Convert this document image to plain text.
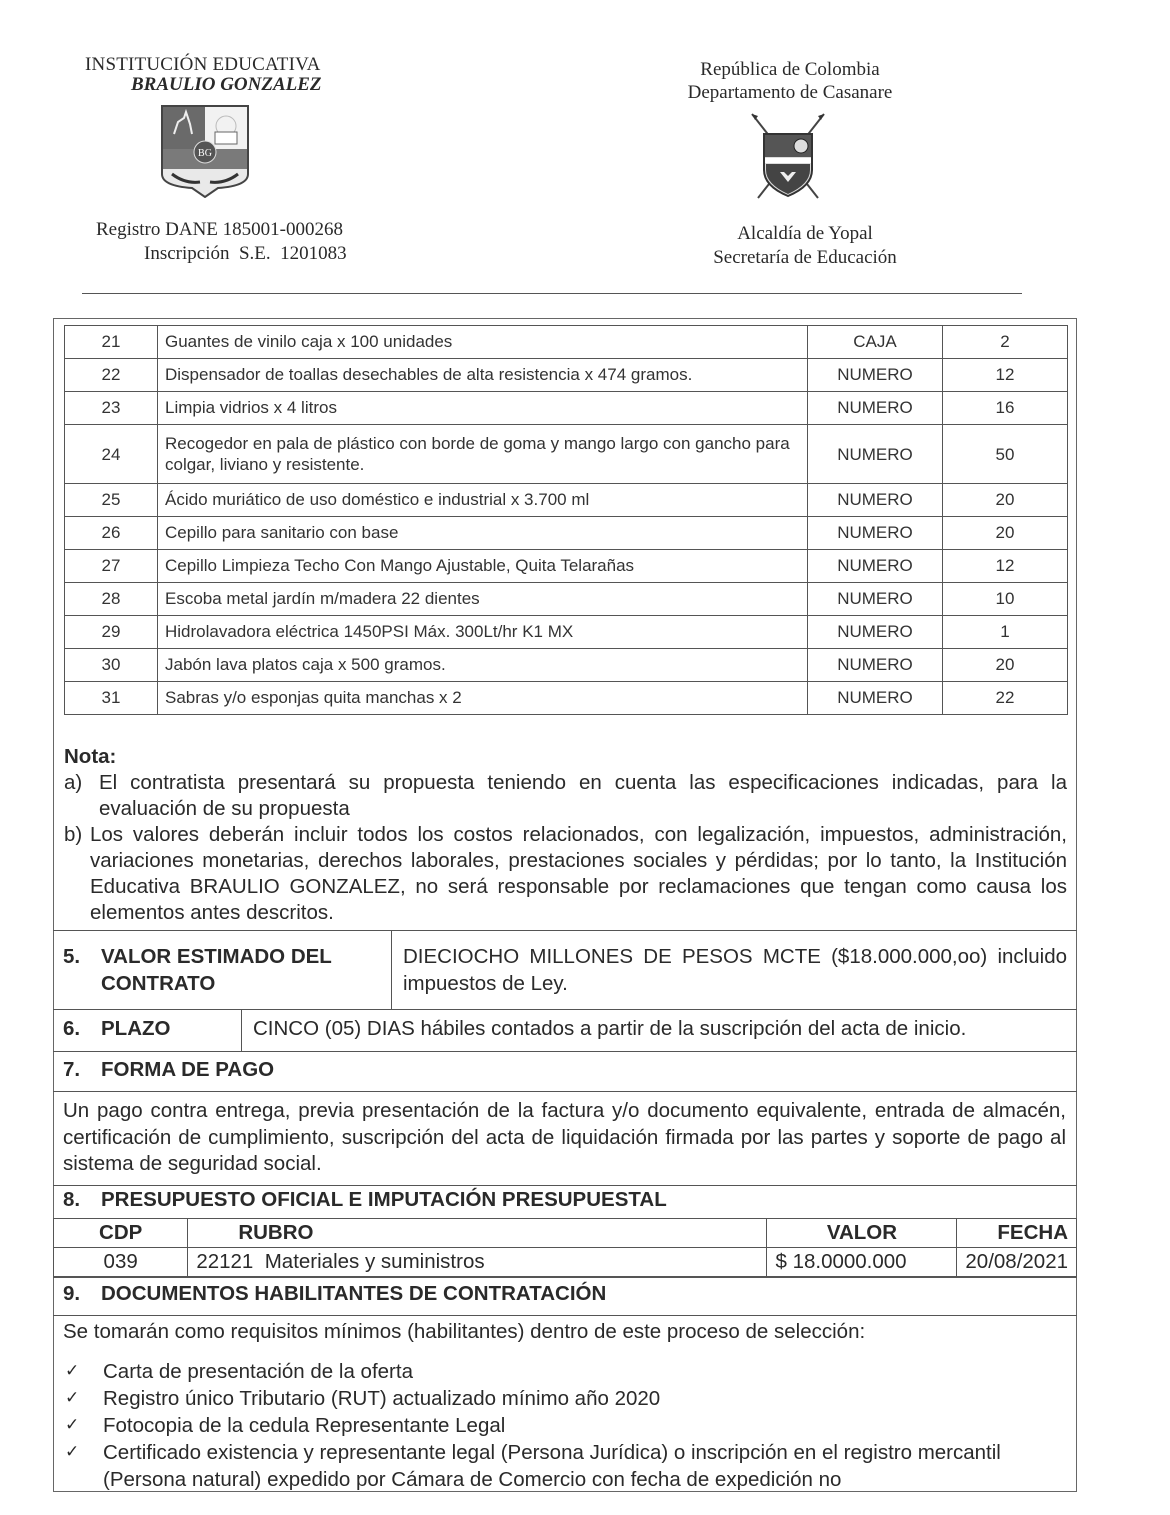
INSTITUCIÓN EDUCATIVA
BRAULIO GONZALEZ
BG
Registro DANE 185001-000268
Inscripción  S.E.  1201083
República de Colombia
Departamento de Casanare
Alcaldía de Yopal
Secretaría de Educación
21	Guantes de vinilo caja x 100 unidades	CAJA	2
22	Dispensador de toallas desechables de alta resistencia x 474 gramos.	NUMERO	12
23	Limpia vidrios x 4 litros	NUMERO	16
24	Recogedor en pala de plástico con borde de goma y mango largo con gancho para colgar, liviano y resistente.	NUMERO	50
25	Ácido muriático de uso doméstico e industrial x 3.700 ml	NUMERO	20
26	Cepillo para sanitario con base	NUMERO	20
27	Cepillo Limpieza Techo Con Mango Ajustable, Quita Telarañas	NUMERO	12
28	Escoba metal jardín m/madera 22 dientes	NUMERO	10
29	Hidrolavadora eléctrica 1450PSI Máx. 300Lt/hr K1 MX	NUMERO	1
30	Jabón lava platos caja x 500 gramos.	NUMERO	20
31	Sabras y/o esponjas quita manchas x 2	NUMERO	22
Nota:
a) El contratista presentará su propuesta teniendo en cuenta las especificaciones indicadas, para la evaluación de su propuesta
b) Los valores deberán incluir todos los costos relacionados, con legalización, impuestos, administración, variaciones monetarias, derechos laborales, prestaciones sociales y pérdidas; por lo tanto, la Institución Educativa BRAULIO GONZALEZ, no será responsable por reclamaciones que tengan como causa los elementos antes descritos.
5. VALOR ESTIMADO DEL
CONTRATO
DIECIOCHO MILLONES DE PESOS MCTE ($18.000.000,oo) incluido impuestos de Ley.
6. PLAZO	CINCO (05) DIAS hábiles contados a partir de la suscripción del acta de inicio.
7. FORMA DE PAGO
Un pago contra entrega, previa presentación de la factura y/o documento equivalente, entrada de almacén, certificación de cumplimiento, suscripción del acta de liquidación firmada por las partes y soporte de pago al sistema de seguridad social.
8. PRESUPUESTO OFICIAL E IMPUTACIÓN PRESUPUESTAL
CDP	RUBRO	VALOR	FECHA
039	22121  Materiales y suministros	$ 18.0000.000	20/08/2021
9. DOCUMENTOS HABILITANTES DE CONTRATACIÓN
Se tomarán como requisitos mínimos (habilitantes) dentro de este proceso de selección:
✓	Carta de presentación de la oferta
✓	Registro único Tributario (RUT) actualizado mínimo año 2020
✓	Fotocopia de la cedula Representante Legal
✓	Certificado existencia y representante legal (Persona Jurídica) o inscripción en el registro mercantil (Persona natural) expedido por Cámara de Comercio con fecha de expedición no
